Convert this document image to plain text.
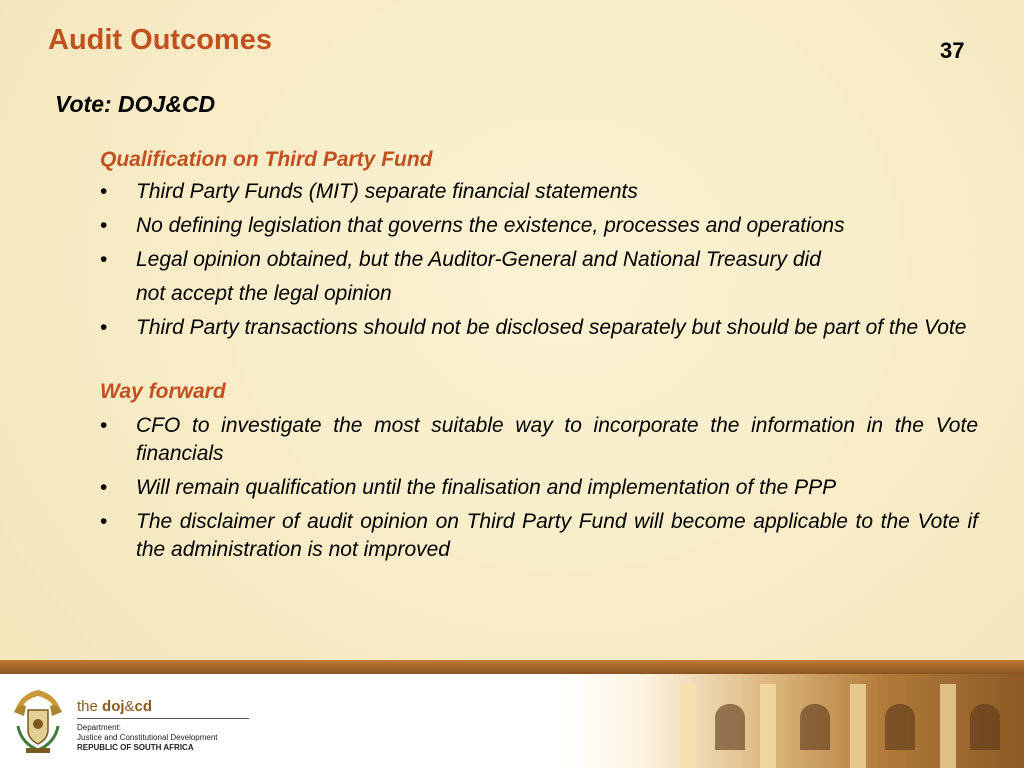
Audit Outcomes	37
Vote: DOJ&CD
Qualification on Third Party Fund
• Third Party Funds (MIT) separate financial statements
• No defining legislation that governs the existence, processes and operations
• Legal opinion obtained, but the Auditor-General and National Treasury did
not accept the legal opinion
• Third Party transactions should not be disclosed separately but should be part of the Vote
Way forward
• CFO to investigate the most suitable way to incorporate the information in the Vote financials
• Will remain qualification until the finalisation and implementation of the PPP
• The disclaimer of audit opinion on Third Party Fund will become applicable to the Vote if the administration is not improved
the doj&cd
Department:
Justice and Constitutional Development
REPUBLIC OF SOUTH AFRICA
